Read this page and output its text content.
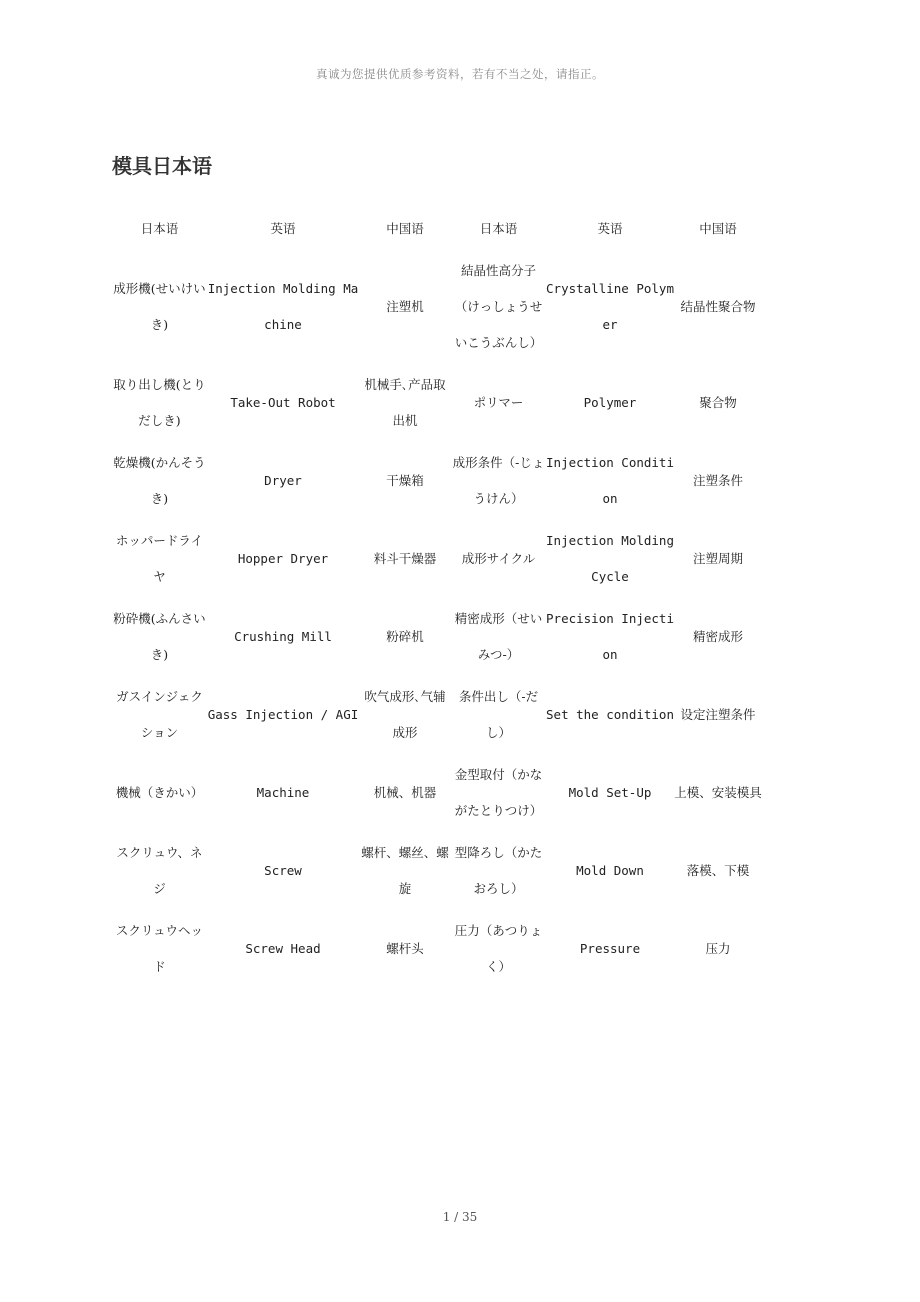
真诚为您提供优质参考资料，若有不当之处，请指正。
模具日本语
日本语	英语	中国语	日本语	英语	中国语
成形機(せいけいき)	Injection Molding Machine	注塑机	結晶性高分子（けっしょうせいこうぶんし）	Crystalline Polymer	结晶性聚合物
取り出し機(とりだしき)	Take-Out Robot	机械手､产品取出机	ポリマー	Polymer	聚合物
乾燥機(かんそうき)	Dryer	干燥箱	成形条件（-じょうけん）	Injection Condition	注塑条件
ホッパードライヤ	Hopper Dryer	料斗干燥器	成形サイクル	Injection Molding Cycle	注塑周期
粉砕機(ふんさいき)	Crushing Mill	粉碎机	精密成形（せいみつ-）	Precision Injection	精密成形
ガスインジェクション	Gass Injection / AGI	吹气成形､气辅成形	条件出し（-だし）	Set the condition	设定注塑条件
機械（きかい）	Machine	机械、机器	金型取付（かながたとりつけ）	Mold Set-Up	上模、安装模具
スクリュウ、ネジ	Screw	螺杆、螺丝、螺旋	型降ろし（かたおろし）	Mold Down	落模、下模
スクリュウヘッド	Screw Head	螺杆头	圧力（あつりょく）	Pressure	压力
1 / 35
